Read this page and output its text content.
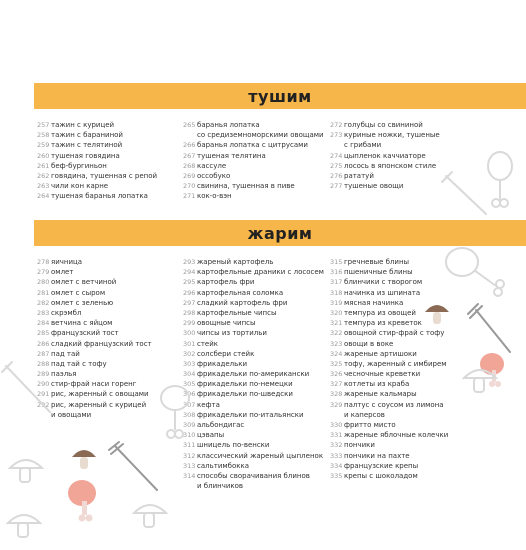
тушим
257 тажин с курицей
258 тажин с бараниной
259 тажин с телятиной
260 тушеная говядина
261 беф-бургиньон
262 говядина, тушенная с репой
263 чили кон карне
264 тушеная баранья лопатка
265 баранья лопатка
со средиземноморскими овощами
266 баранья лопатка с цитрусами
267 тушеная телятина
268 кассуле
269 оссобуко
270 свинина, тушенная в пиве
271 кок-о-вэн
272 голубцы со свининой
273 куриные ножки, тушеные
с грибами
274 цыпленок каччиаторе
275 лосось в японском стиле
276 рататуй
277 тушеные овощи
жарим
278 яичница
279 омлет
280 омлет с ветчиной
281 омлет с сыром
282 омлет с зеленью
283 скрэмбл
284 ветчина с яйцом
285 французский тост
286 сладкий французский тост
287 пад тай
288 пад тай с тофу
289 паэлья
290 стир-фрай наси горенг
291 рис, жаренный с овощами
292 рис, жаренный с курицей
и овощами
293 жареный картофель
294 картофельные драники с лососем
295 картофель фри
296 картофельная соломка
297 сладкий картофель фри
298 картофельные чипсы
299 овощные чипсы
300 чипсы из тортильи
301 стейк
302 солсбери стейк
303 фрикадельки
304 фрикадельки по-американски
305 фрикадельки по-немецки
306 фрикадельки по-шведски
307 кефта
308 фрикадельки по-итальянски
309 альбондигас
310 цэвапы
311 шницель по-венски
312 классический жареный цыпленок
313 сальтимбокка
314 способы сворачивания блинов
и блинчиков
315 гречневые блины
316 пшеничные блины
317 блинчики с творогом
318 начинка из шпината
319 мясная начинка
320 темпура из овощей
321 темпура из креветок
322 овощной стир-фрай с тофу
323 овощи в воке
324 жареные артишоки
325 тофу, жаренный с имбирем
326 чесночные креветки
327 котлеты из краба
328 жареные кальмары
329 палтус с соусом из лимона
и каперсов
330 фритто мисто
331 жареные яблочные колечки
332 пончики
333 пончики на пахте
334 французские крепы
335 крепы с шоколадом
